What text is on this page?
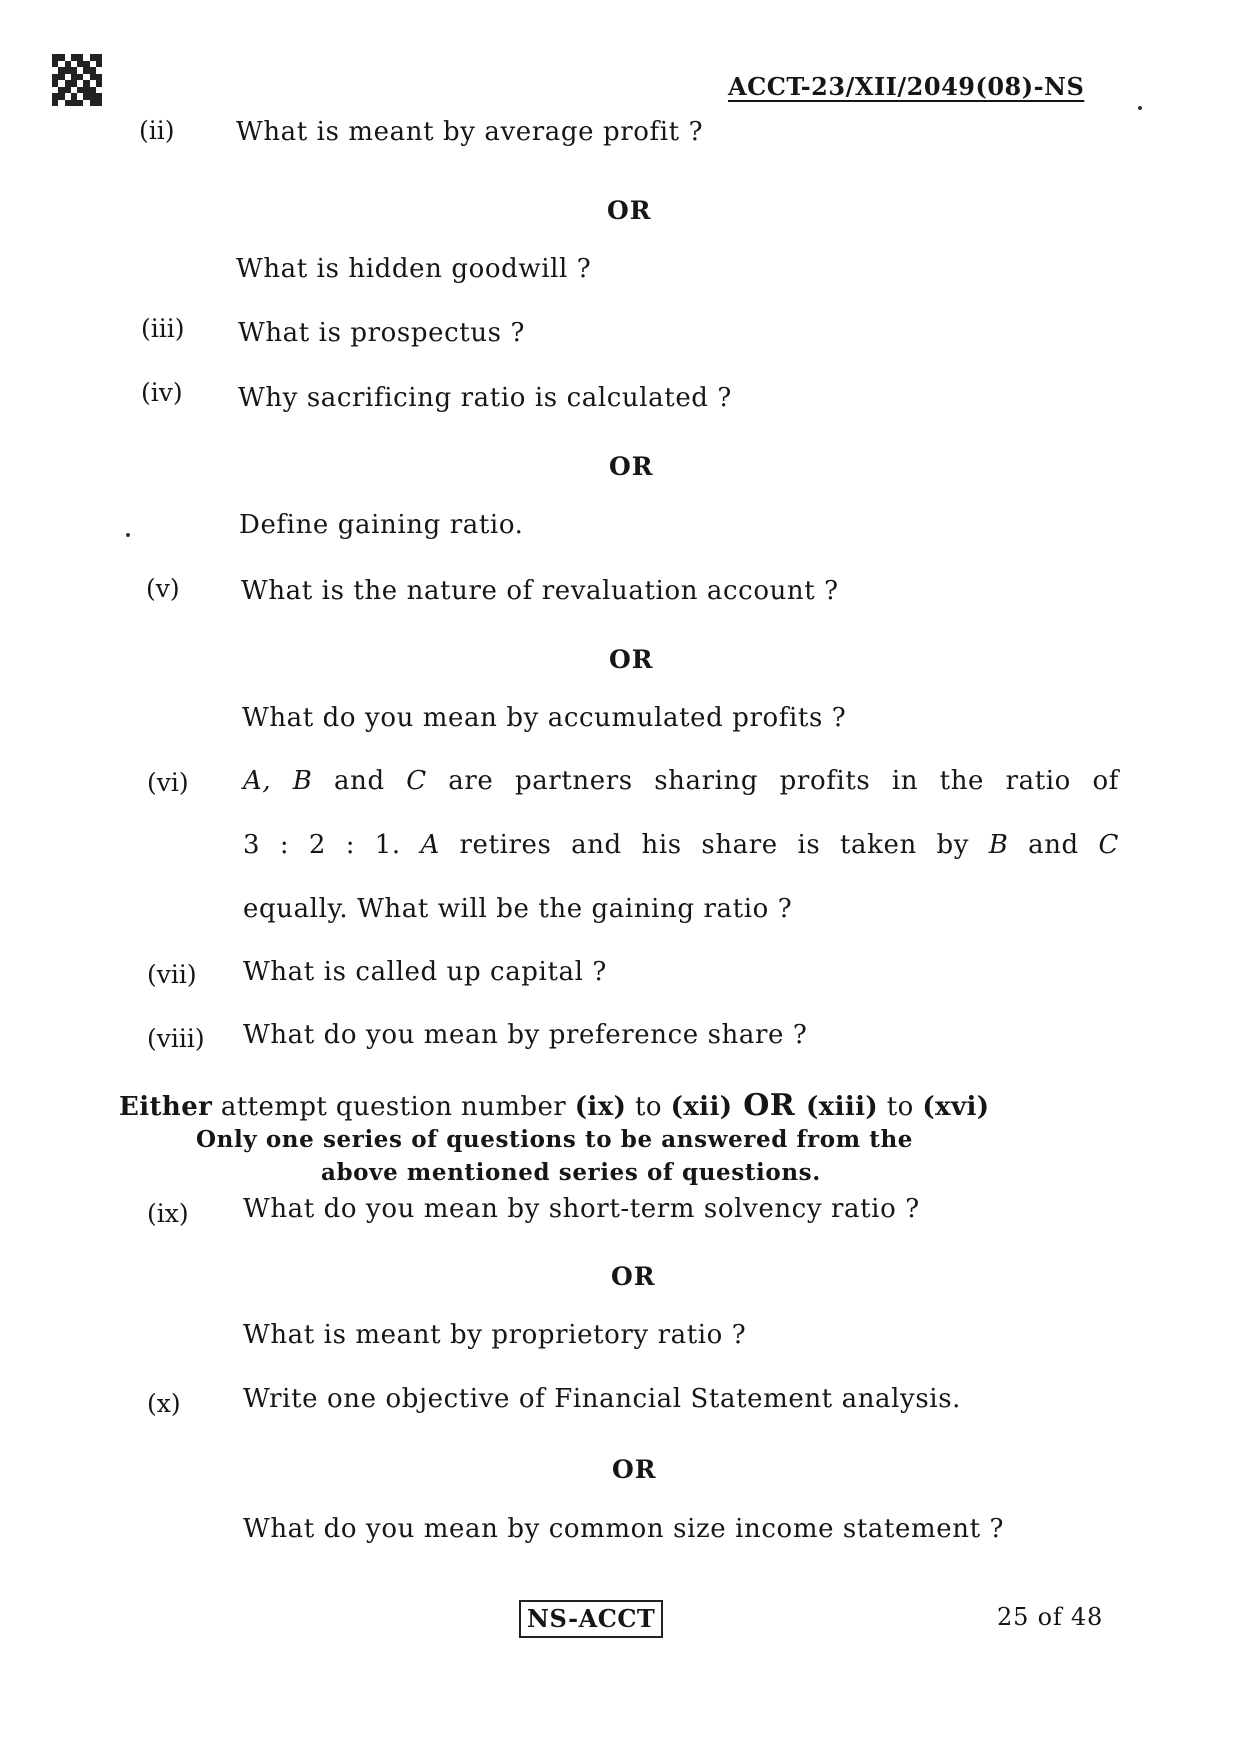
ACCT-23/XII/2049(08)-NS
(ii) What is meant by average profit ?
OR
What is hidden goodwill ?
(iii) What is prospectus ?
(iv) Why sacrificing ratio is calculated ?
OR
Define gaining ratio.
(v) What is the nature of revaluation account ?
OR
What do you mean by accumulated profits ?
(vi) A, B and C are partners sharing profits in the ratio of
3 : 2 : 1. A retires and his share is taken by B and C
equally. What will be the gaining ratio ?
(vii) What is called up capital ?
(viii) What do you mean by preference share ?
Either attempt question number (ix) to (xii) OR (xiii) to (xvi)
Only one series of questions to be answered from the
above mentioned series of questions.
(ix) What do you mean by short-term solvency ratio ?
OR
What is meant by proprietory ratio ?
(x) Write one objective of Financial Statement analysis.
OR
What do you mean by common size income statement ?
NS-ACCT	25 of 48
